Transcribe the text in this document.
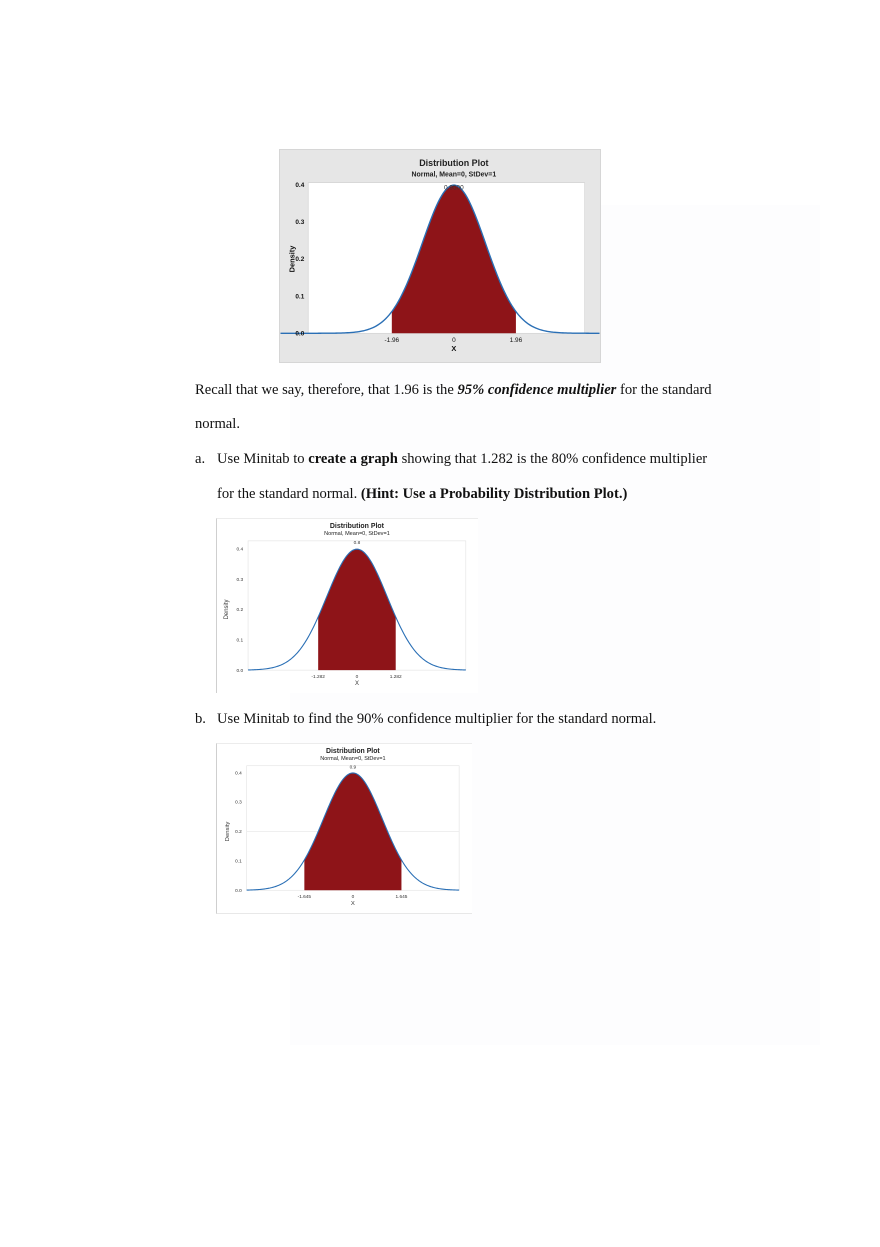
0.0
0.1
0.2
0.3
0.4
-1.96	0	1.96
X
Density
Distribution Plot
Normal, Mean=0, StDev=1
0.9500
Recall that we say, therefore, that 1.96 is the 95% confidence multiplier for the standard
normal.
a. Use Minitab to create a graph showing that 1.282 is the 80% confidence multiplier
for the standard normal. (Hint: Use a Probability Distribution Plot.)
0.0
0.1
0.2
0.3
0.4
-1.282	0	1.282
X
Density
Distribution Plot
Normal, Mean=0, StDev=1
0.8
b. Use Minitab to find the 90% confidence multiplier for the standard normal.
0.0
0.1
0.2
0.3
0.4
-1.645	0	1.645
X
Density
Distribution Plot
Normal, Mean=0, StDev=1
0.9
